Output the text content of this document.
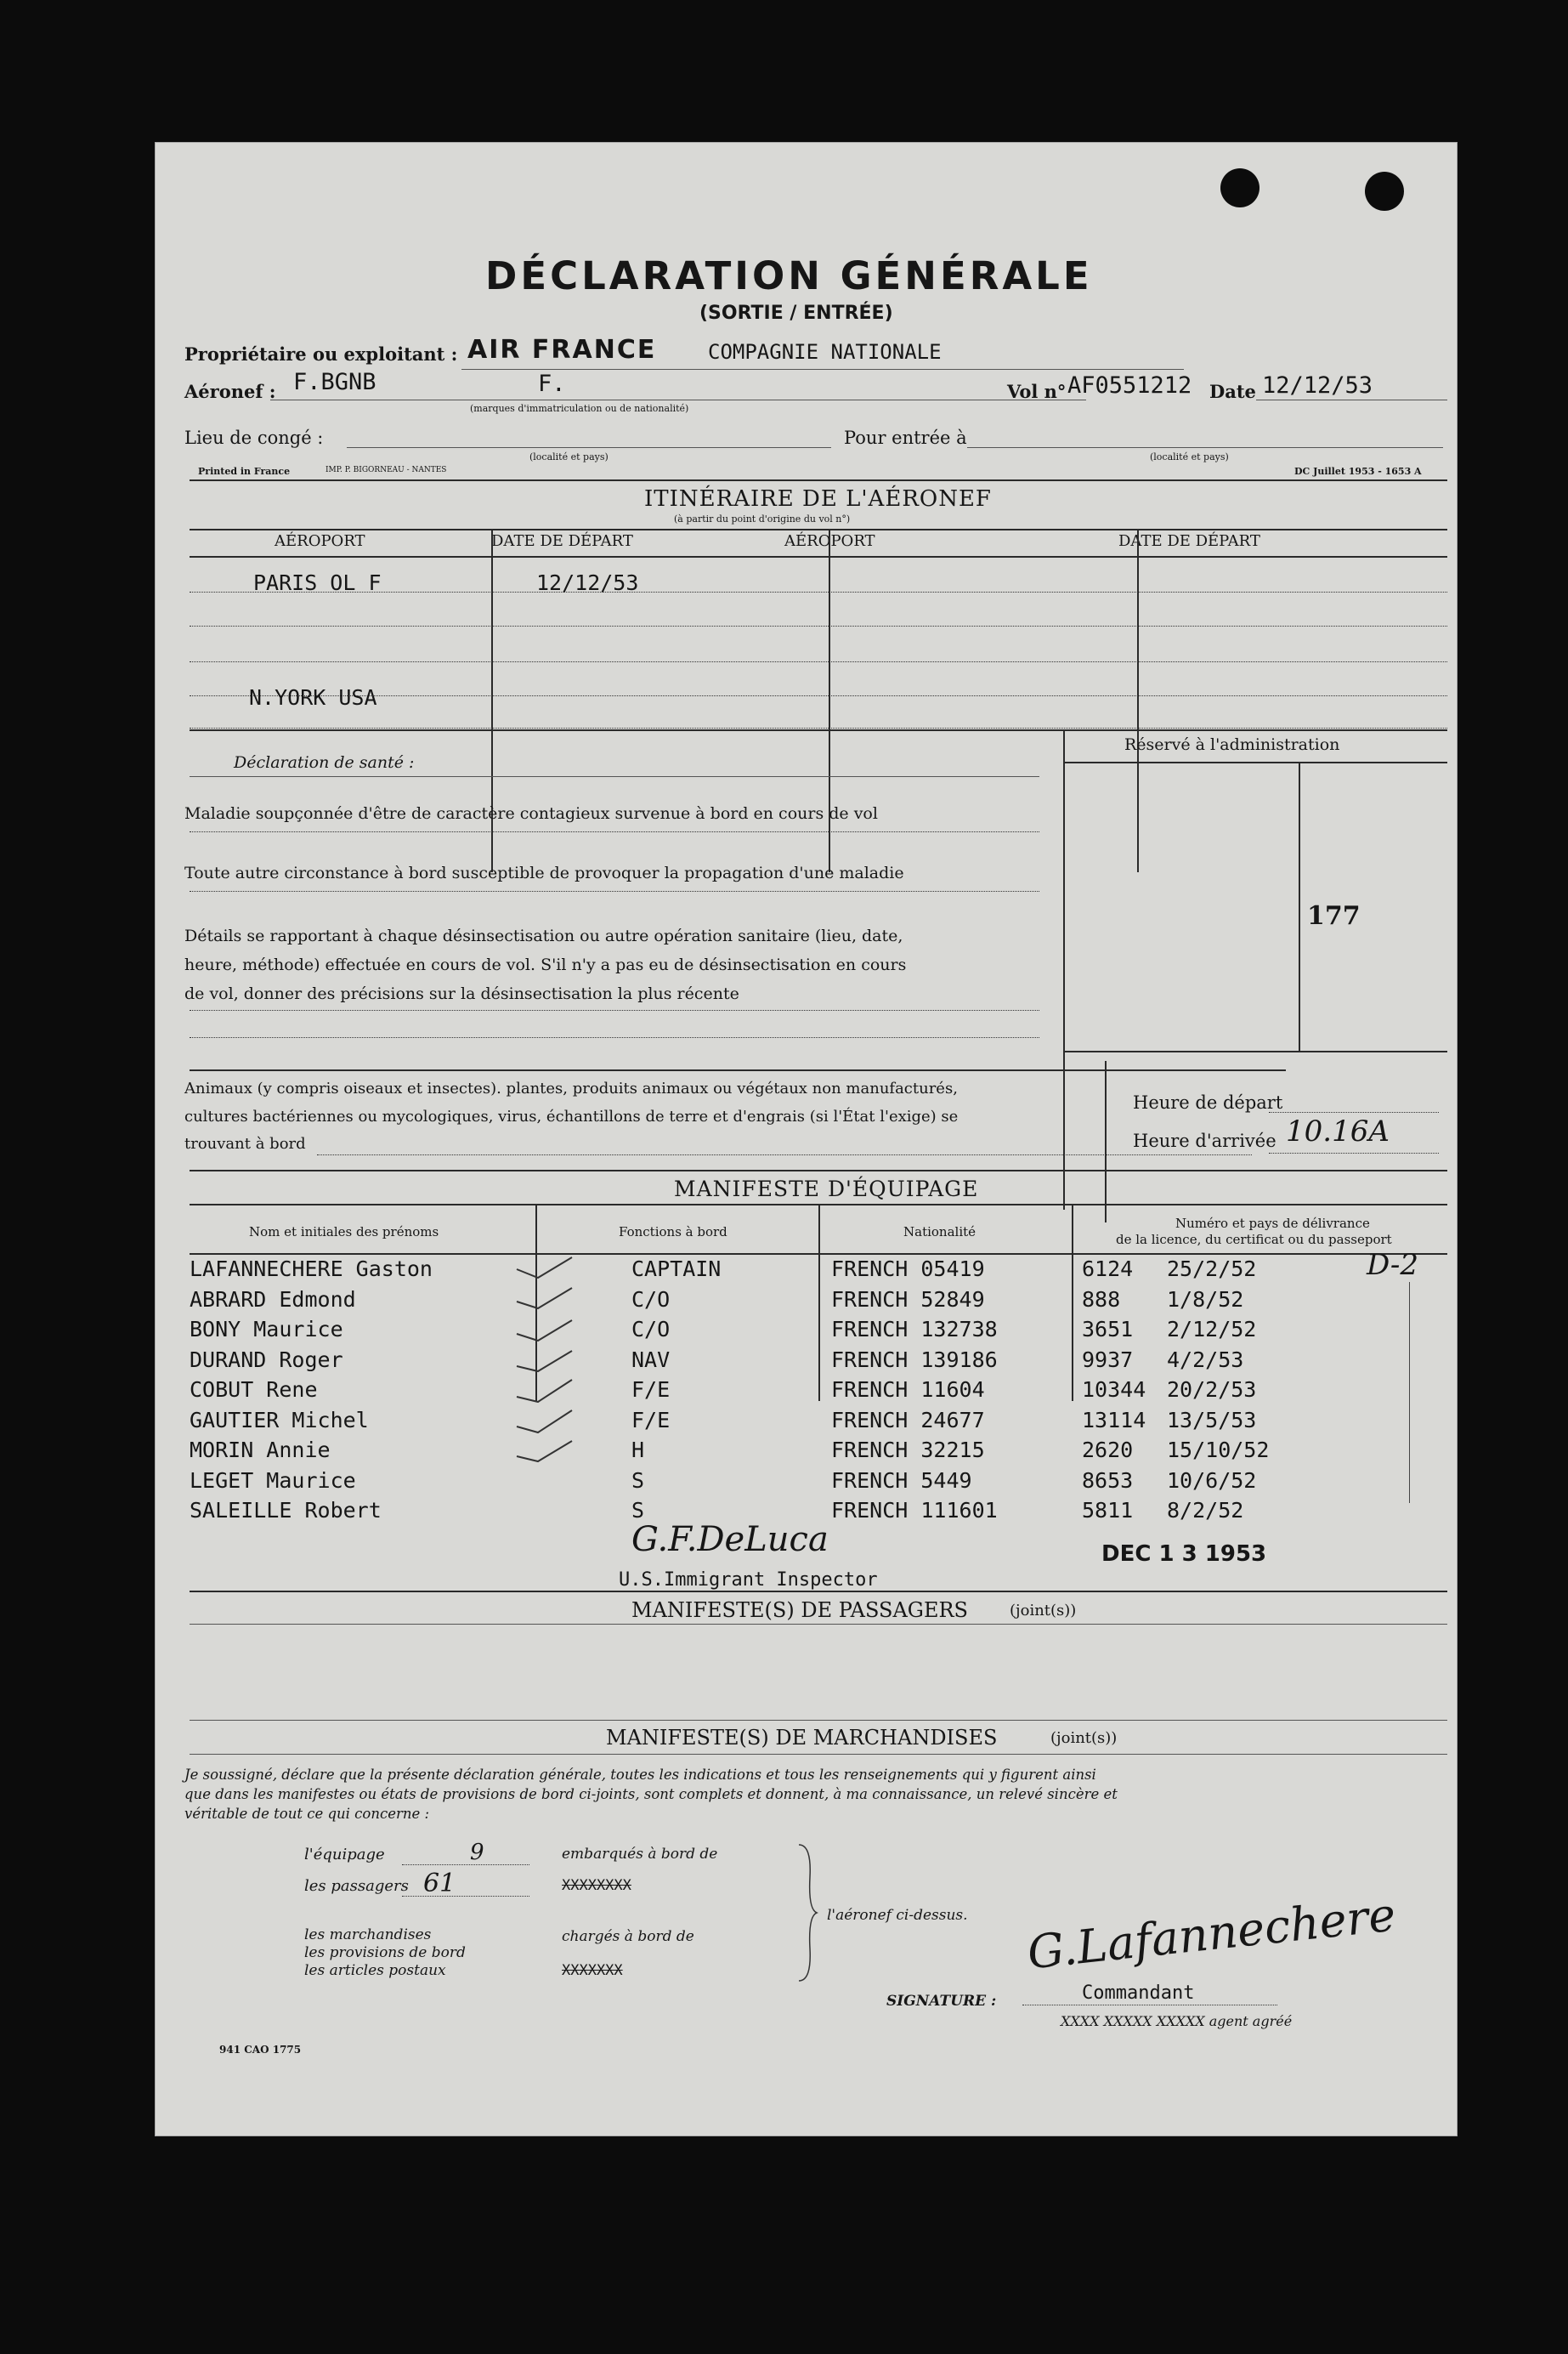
DÉCLARATION GÉNÉRALE
(SORTIE / ENTRÉE)
Propriétaire ou exploitant : AIR FRANCE	COMPAGNIE NATIONALE
Aéronef : F.BGNB	F.
(marques d'immatriculation ou de nationalité)
Vol n° AF0551212 Date 12/12/53
Lieu de congé :
(localité et pays)
Pour entrée à
(localité et pays)
Printed in France	IMP. P. BIGORNEAU - NANTES	DC Juillet 1953 - 1653 A
ITINÉRAIRE DE L'AÉRONEF
(à partir du point d'origine du vol n°)
AÉROPORT	DATE DE DÉPART	AÉROPORT	DATE DE DÉPART
PARIS OL F	12/12/53
N.YORK USA
Déclaration de santé :
Maladie soupçonnée d'être de caractère contagieux survenue à bord en cours de vol
Toute autre circonstance à bord susceptible de provoquer la propagation d'une maladie
Détails se rapportant à chaque désinsectisation ou autre opération sanitaire (lieu, date,
heure, méthode) effectuée en cours de vol. S'il n'y a pas eu de désinsectisation en cours
de vol, donner des précisions sur la désinsectisation la plus récente
Réservé à l'administration
177
Animaux (y compris oiseaux et insectes). plantes, produits animaux ou végétaux non manufacturés,
cultures bactériennes ou mycologiques, virus, échantillons de terre et d'engrais (si l'État l'exige) se
trouvant à bord
Heure de départ
Heure d'arrivée 10.16A
MANIFESTE D'ÉQUIPAGE
Nom et initiales des prénoms	Fonctions à bord	Nationalité
Numéro et pays de délivrance
de la licence, du certificat ou du passeport
LAFANNECHERE Gaston	CAPTAIN	FRENCH 05419	6124 25/2/52
ABRARD Edmond	C/O	FRENCH 52849	888 1/8/52
BONY Maurice	C/O	FRENCH 132738	3651 2/12/52
DURAND Roger	NAV	FRENCH 139186	9937 4/2/53
COBUT Rene	F/E	FRENCH 11604	10344 20/2/53
GAUTIER Michel	F/E	FRENCH 24677	13114 13/5/53
MORIN Annie	H	FRENCH 32215	2620 15/10/52
LEGET Maurice	S	FRENCH 5449	8653 10/6/52
SALEILLE Robert	S	FRENCH 111601	5811 8/2/52
D-2
G.F.DeLuca
U.S.Immigrant Inspector
DEC 1 3 1953
MANIFESTE(S) DE PASSAGERS	(joint(s))
MANIFESTE(S) DE MARCHANDISES	(joint(s))
Je soussigné, déclare que la présente déclaration générale, toutes les indications et tous les renseignements qui y figurent ainsi
que dans les manifestes ou états de provisions de bord ci-joints, sont complets et donnent, à ma connaissance, un relevé sincère et
véritable de tout ce qui concerne :
l'équipage	9
les passagers 61
embarqués à bord de
XXXXXXXX
les marchandises
les provisions de bord
les articles postaux
chargés à bord de
XXXXXXX
l'aéronef ci-dessus. G.Lafannechere
SIGNATURE :	Commandant
XXXX XXXXX XXXXX agent agréé
941 CAO 1775
